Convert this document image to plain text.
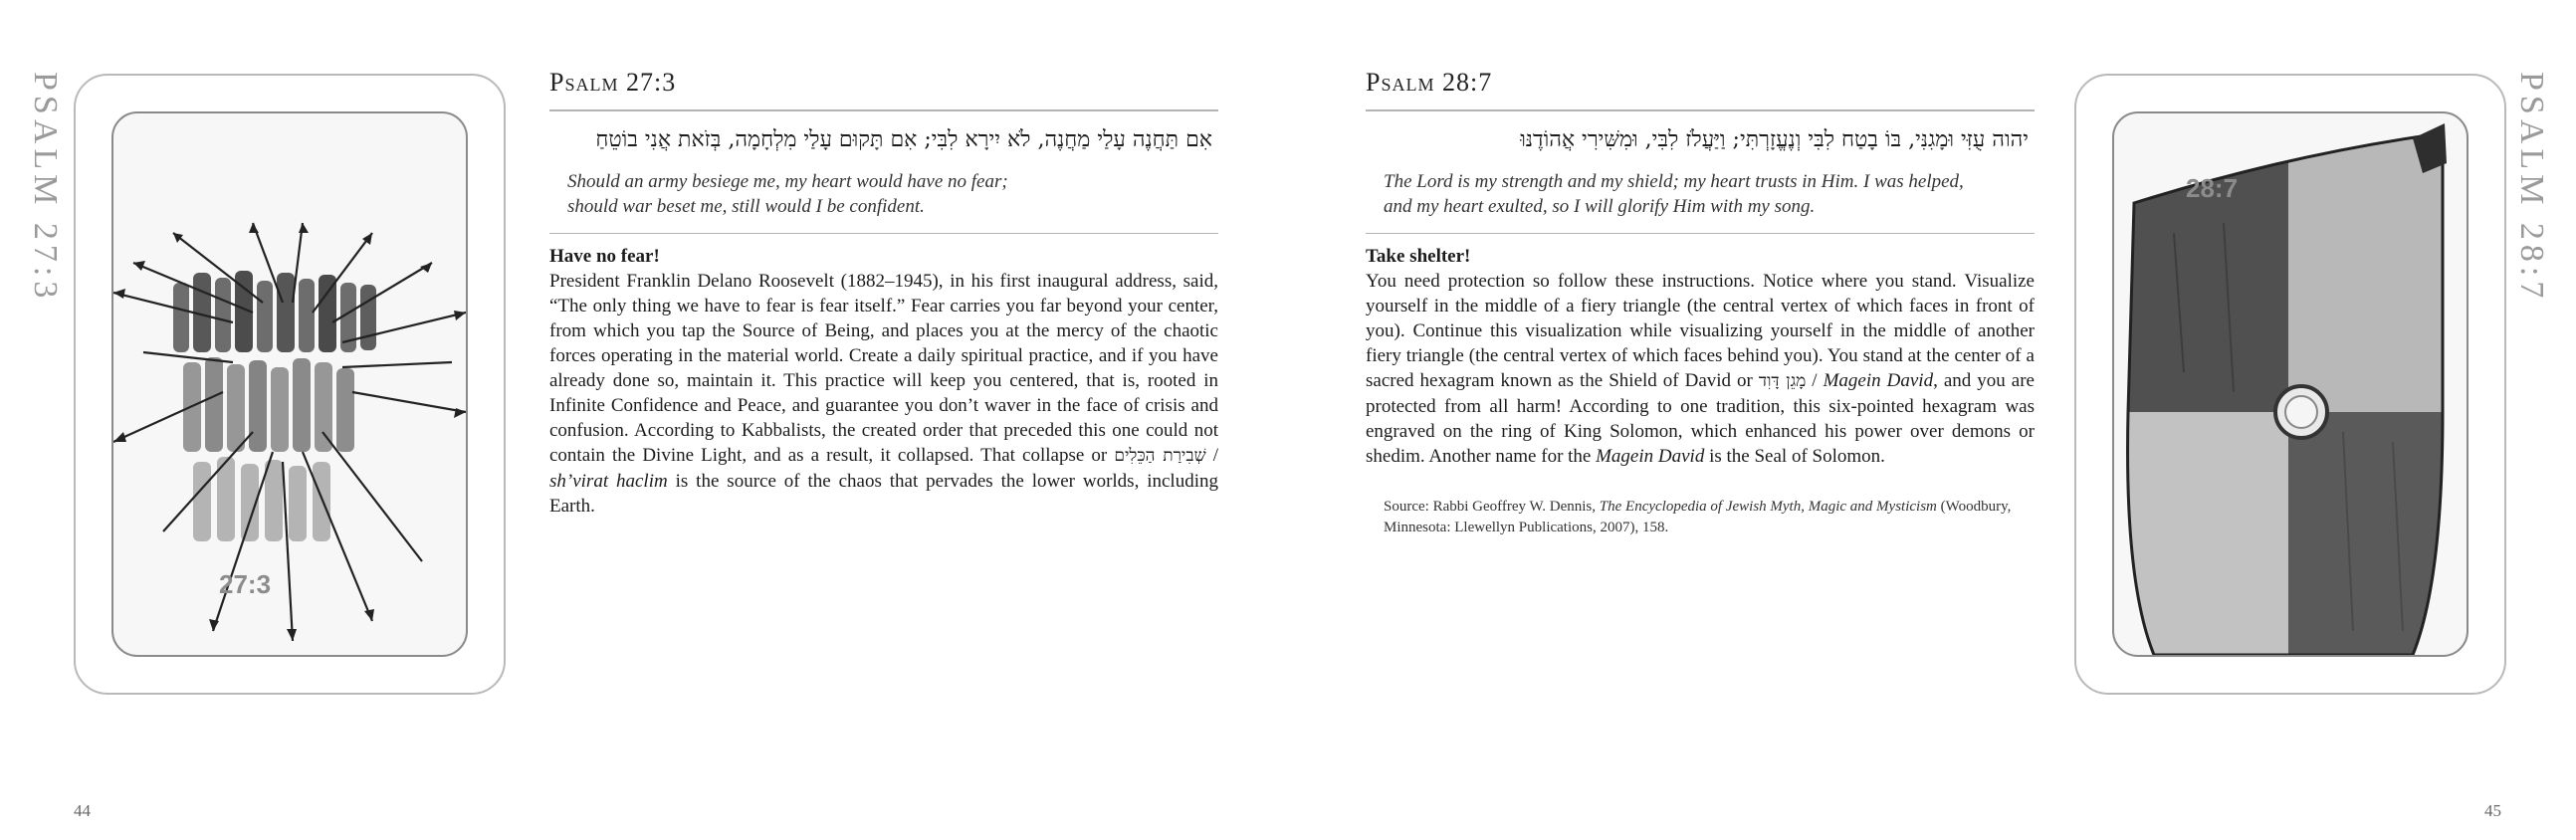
PSALM 27:3	PSALM 28:7
27:3
Psalm 27:3
אִם תַּחֲנֶה עָלַי מַחֲנֶה, לֹא יִירָא לִבִּי; אִם תָּקוּם עָלַי מִלְחָמָה, בְּזֹאת אֲנִי בוֹטֵחַ
Should an army besiege me, my heart would have no fear;
should war beset me, still would I be confident.

Have no fear!

President Franklin Delano Roosevelt (1882–1945), in his first inaugural address, said, “The only thing we have to fear is fear itself.” Fear carries you far beyond your center, from which you tap the Source of Being, and places you at the mercy of the chaotic forces operating in the material world. Create a daily spiritual practice, and if you have already done so, maintain it. This practice will keep you centered, that is, rooted in Infinite Confidence and Peace, and guarantee you don’t waver in the face of crisis and confusion. According to Kabbalists, the created order that preceded this one could not contain the Divine Light, and as a result, it collapsed. That collapse or שְׁבִירַת הַכֵּלִים / sh’virat haclim is the source of the chaos that pervades the lower worlds, including Earth.

Psalm 28:7
יהוה עֻזִּי וּמָגִנִּי, בּוֹ בָטַח לִבִּי וְנֶעֱזָרְתִּי; וַיַּעֲלֹז לִבִּי, וּמִשִּׁירִי אֲהוֹדֶנּוּ
The Lord is my strength and my shield; my heart trusts in Him. I was helped,
and my heart exulted, so I will glorify Him with my song.

Take shelter!

You need protection so follow these instructions. Notice where you stand. Visualize yourself in the middle of a fiery triangle (the central vertex of which faces in front of you). Continue this visualization while visualizing yourself in the middle of another fiery triangle (the central vertex of which faces behind you). You stand at the center of a sacred hexagram known as the Shield of David or מָגֵן דָּוִד / Magein David, and you are protected from all harm! According to one tradition, this six-pointed hexagram was engraved on the ring of King Solomon, which enhanced his power over demons or shedim. Another name for the Magein David is the Seal of Solomon.

Source: Rabbi Geoffrey W. Dennis, The Encyclopedia of Jewish Myth, Magic and Mysticism (Woodbury, Minnesota: Llewellyn Publications, 2007), 158.

28:7
44	45
